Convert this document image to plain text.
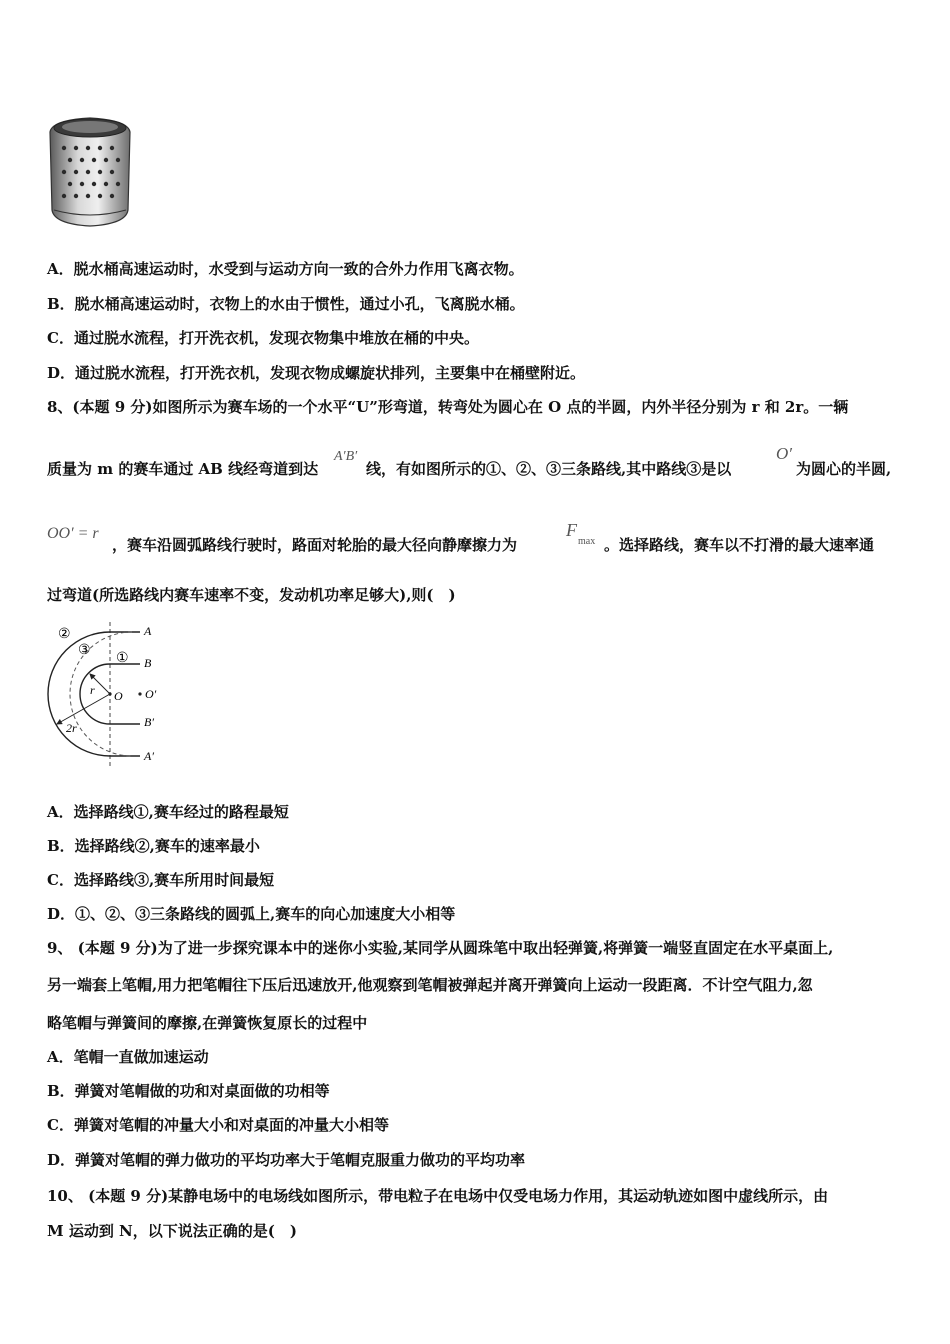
A．脱水桶高速运动时，水受到与运动方向一致的合外力作用飞离衣物。
B．脱水桶高速运动时，衣物上的水由于惯性，通过小孔，飞离脱水桶。
C．通过脱水流程，打开洗衣机，发现衣物集中堆放在桶的中央。
D．通过脱水流程，打开洗衣机，发现衣物成螺旋状排列，主要集中在桶壁附近。
8、(本题 9 分)如图所示为赛车场的一个水平“U”形弯道，转弯处为圆心在 O 点的半圆，内外半径分别为 r 和 2r。一辆
质量为 m 的赛车通过 AB 线经弯道到达
A′B′
线，有如图所示的①、②、③三条路线,其中路线③是以
O′
为圆心的半圆,
OO′ = r
，赛车沿圆弧路线行驶时，路面对轮胎的最大径向静摩擦力为
F
max 。选择路线，赛车以不打滑的最大速率通
过弯道(所选路线内赛车速率不变，发动机功率足够大),则(　)
②
③
①
A
B
O O′
B′
A′
r
2r
A．选择路线①,赛车经过的路程最短
B．选择路线②,赛车的速率最小
C．选择路线③,赛车所用时间最短
D．①、②、③三条路线的圆弧上,赛车的向心加速度大小相等
9、 (本题 9 分)为了进一步探究课本中的迷你小实验,某同学从圆珠笔中取出轻弹簧,将弹簧一端竖直固定在水平桌面上,
另一端套上笔帽,用力把笔帽往下压后迅速放开,他观察到笔帽被弹起并离开弹簧向上运动一段距离．不计空气阻力,忽
略笔帽与弹簧间的摩擦,在弹簧恢复原长的过程中
A．笔帽一直做加速运动
B．弹簧对笔帽做的功和对桌面做的功相等
C．弹簧对笔帽的冲量大小和对桌面的冲量大小相等
D．弹簧对笔帽的弹力做功的平均功率大于笔帽克服重力做功的平均功率
10、 (本题 9 分)某静电场中的电场线如图所示，带电粒子在电场中仅受电场力作用，其运动轨迹如图中虚线所示，由
M 运动到 N，以下说法正确的是(　)
